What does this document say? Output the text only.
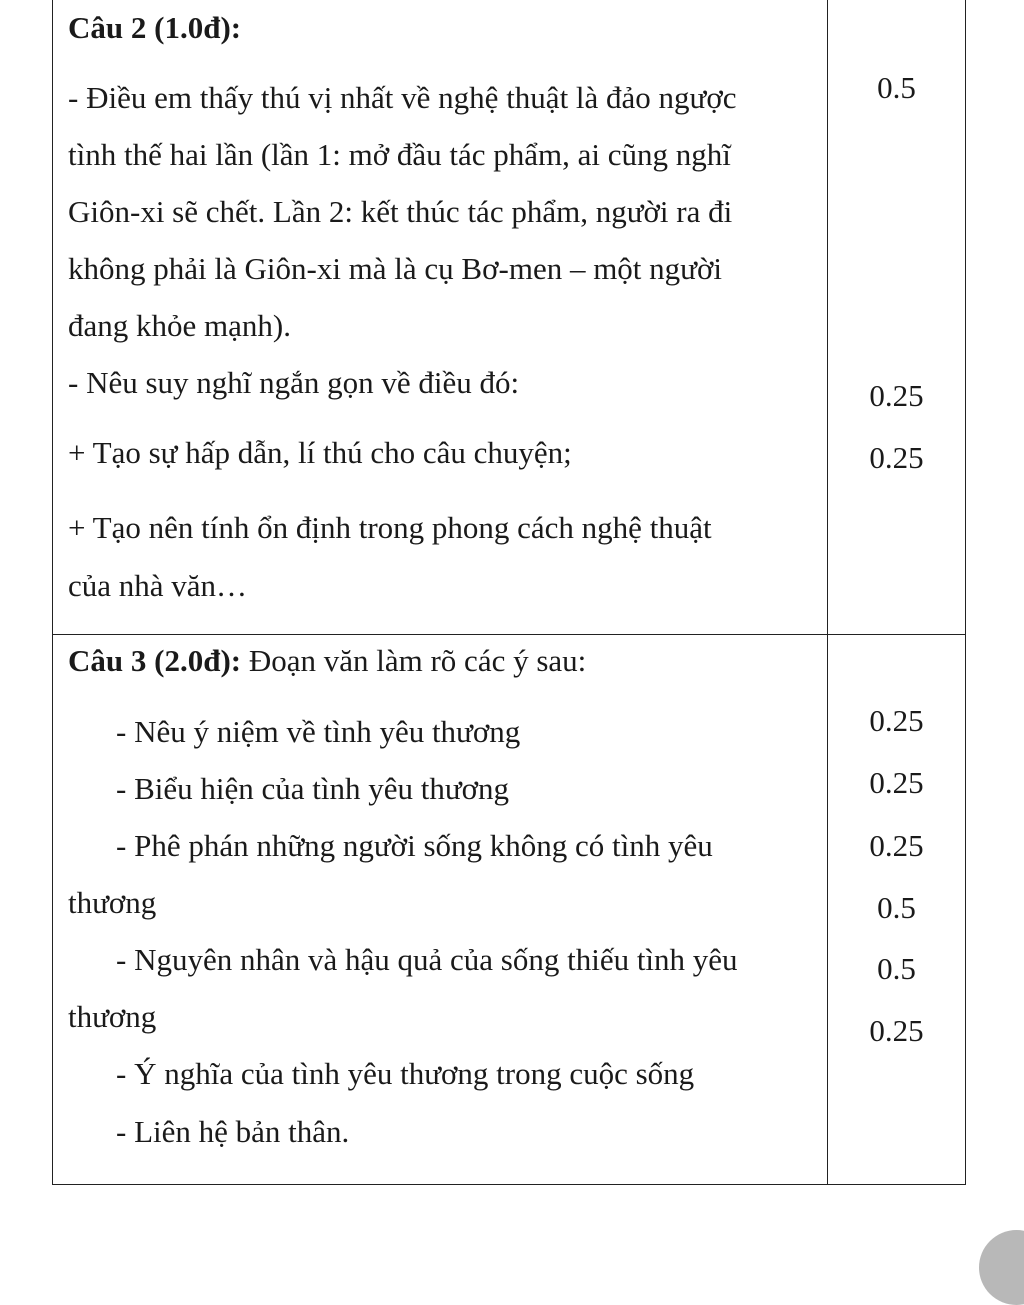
Câu 2 (1.0đ):
- Điều em thấy thú vị nhất về nghệ thuật là đảo ngược
tình thế hai lần (lần 1: mở đầu tác phẩm, ai cũng nghĩ
Giôn-xi sẽ chết. Lần 2: kết thúc tác phẩm, người ra đi
không phải là Giôn-xi mà là cụ Bơ-men – một người
đang khỏe mạnh).
- Nêu suy nghĩ ngắn gọn về điều đó:
+ Tạo sự hấp dẫn, lí thú cho câu chuyện;
+ Tạo nên tính ổn định trong phong cách nghệ thuật
của nhà văn…
0.5
0.25
0.25
Câu 3 (2.0đ): Đoạn văn làm rõ các ý sau:
- Nêu ý niệm về tình yêu thương
- Biểu hiện của tình yêu thương
- Phê phán những người sống không có tình yêu
thương
- Nguyên nhân và hậu quả của sống thiếu tình yêu
thương
- Ý nghĩa của tình yêu thương trong cuộc sống
- Liên hệ bản thân.
0.25
0.25
0.25
0.5
0.5
0.25
